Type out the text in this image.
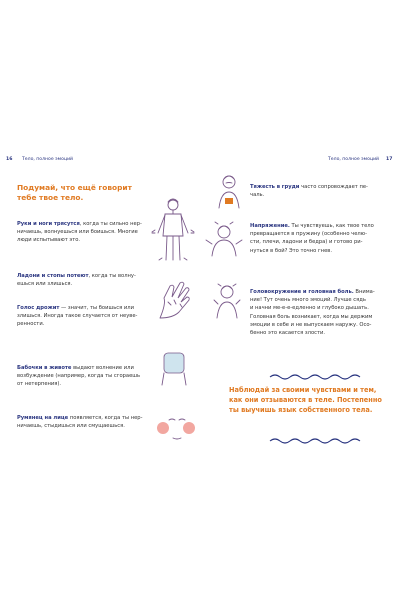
16 Тело, полное эмоций	Тело, полное эмоций 17
Подумай, что ещё говорит тебе твое тело.
Руки и ноги трясутся, когда ты сильно нер-
ничаешь, волнуешься или боишься. Многие
люди испытывают это.
Ладони и стопы потеют, когда ты волну-
ешься или злишься.
Голос дрожит — значит, ты боишься или
злишься. Иногда такое случается от неуве-
ренности.
Бабочки в животе выдают волнение или
возбуждение (например, когда ты сгораешь
от нетерпения).
Румянец на лице появляется, когда ты нер-
ничаешь, стыдишься или смущаешься.
Тяжесть в груди часто сопровождает пе-
чаль.
Напряжение. Ты чувствуешь, как твое тело
превращается в пружину (особенно челю-
сти, плечи, ладони и бедра) и готово ри-
нуться в бой? Это точно гнев.
Головокружение и головная боль. Внима-
ние! Тут очень много эмоций. Лучше сядь
и начни ме-е-е-едленно и глубоко дышать.
Головная боль возникает, когда мы держим
эмоции в себе и не выпускаем наружу. Осо-
бенно это касается злости.
Наблюдай за своими чувствами и тем, как они отзываются в теле. Постепенно ты выучишь язык собственного тела.
